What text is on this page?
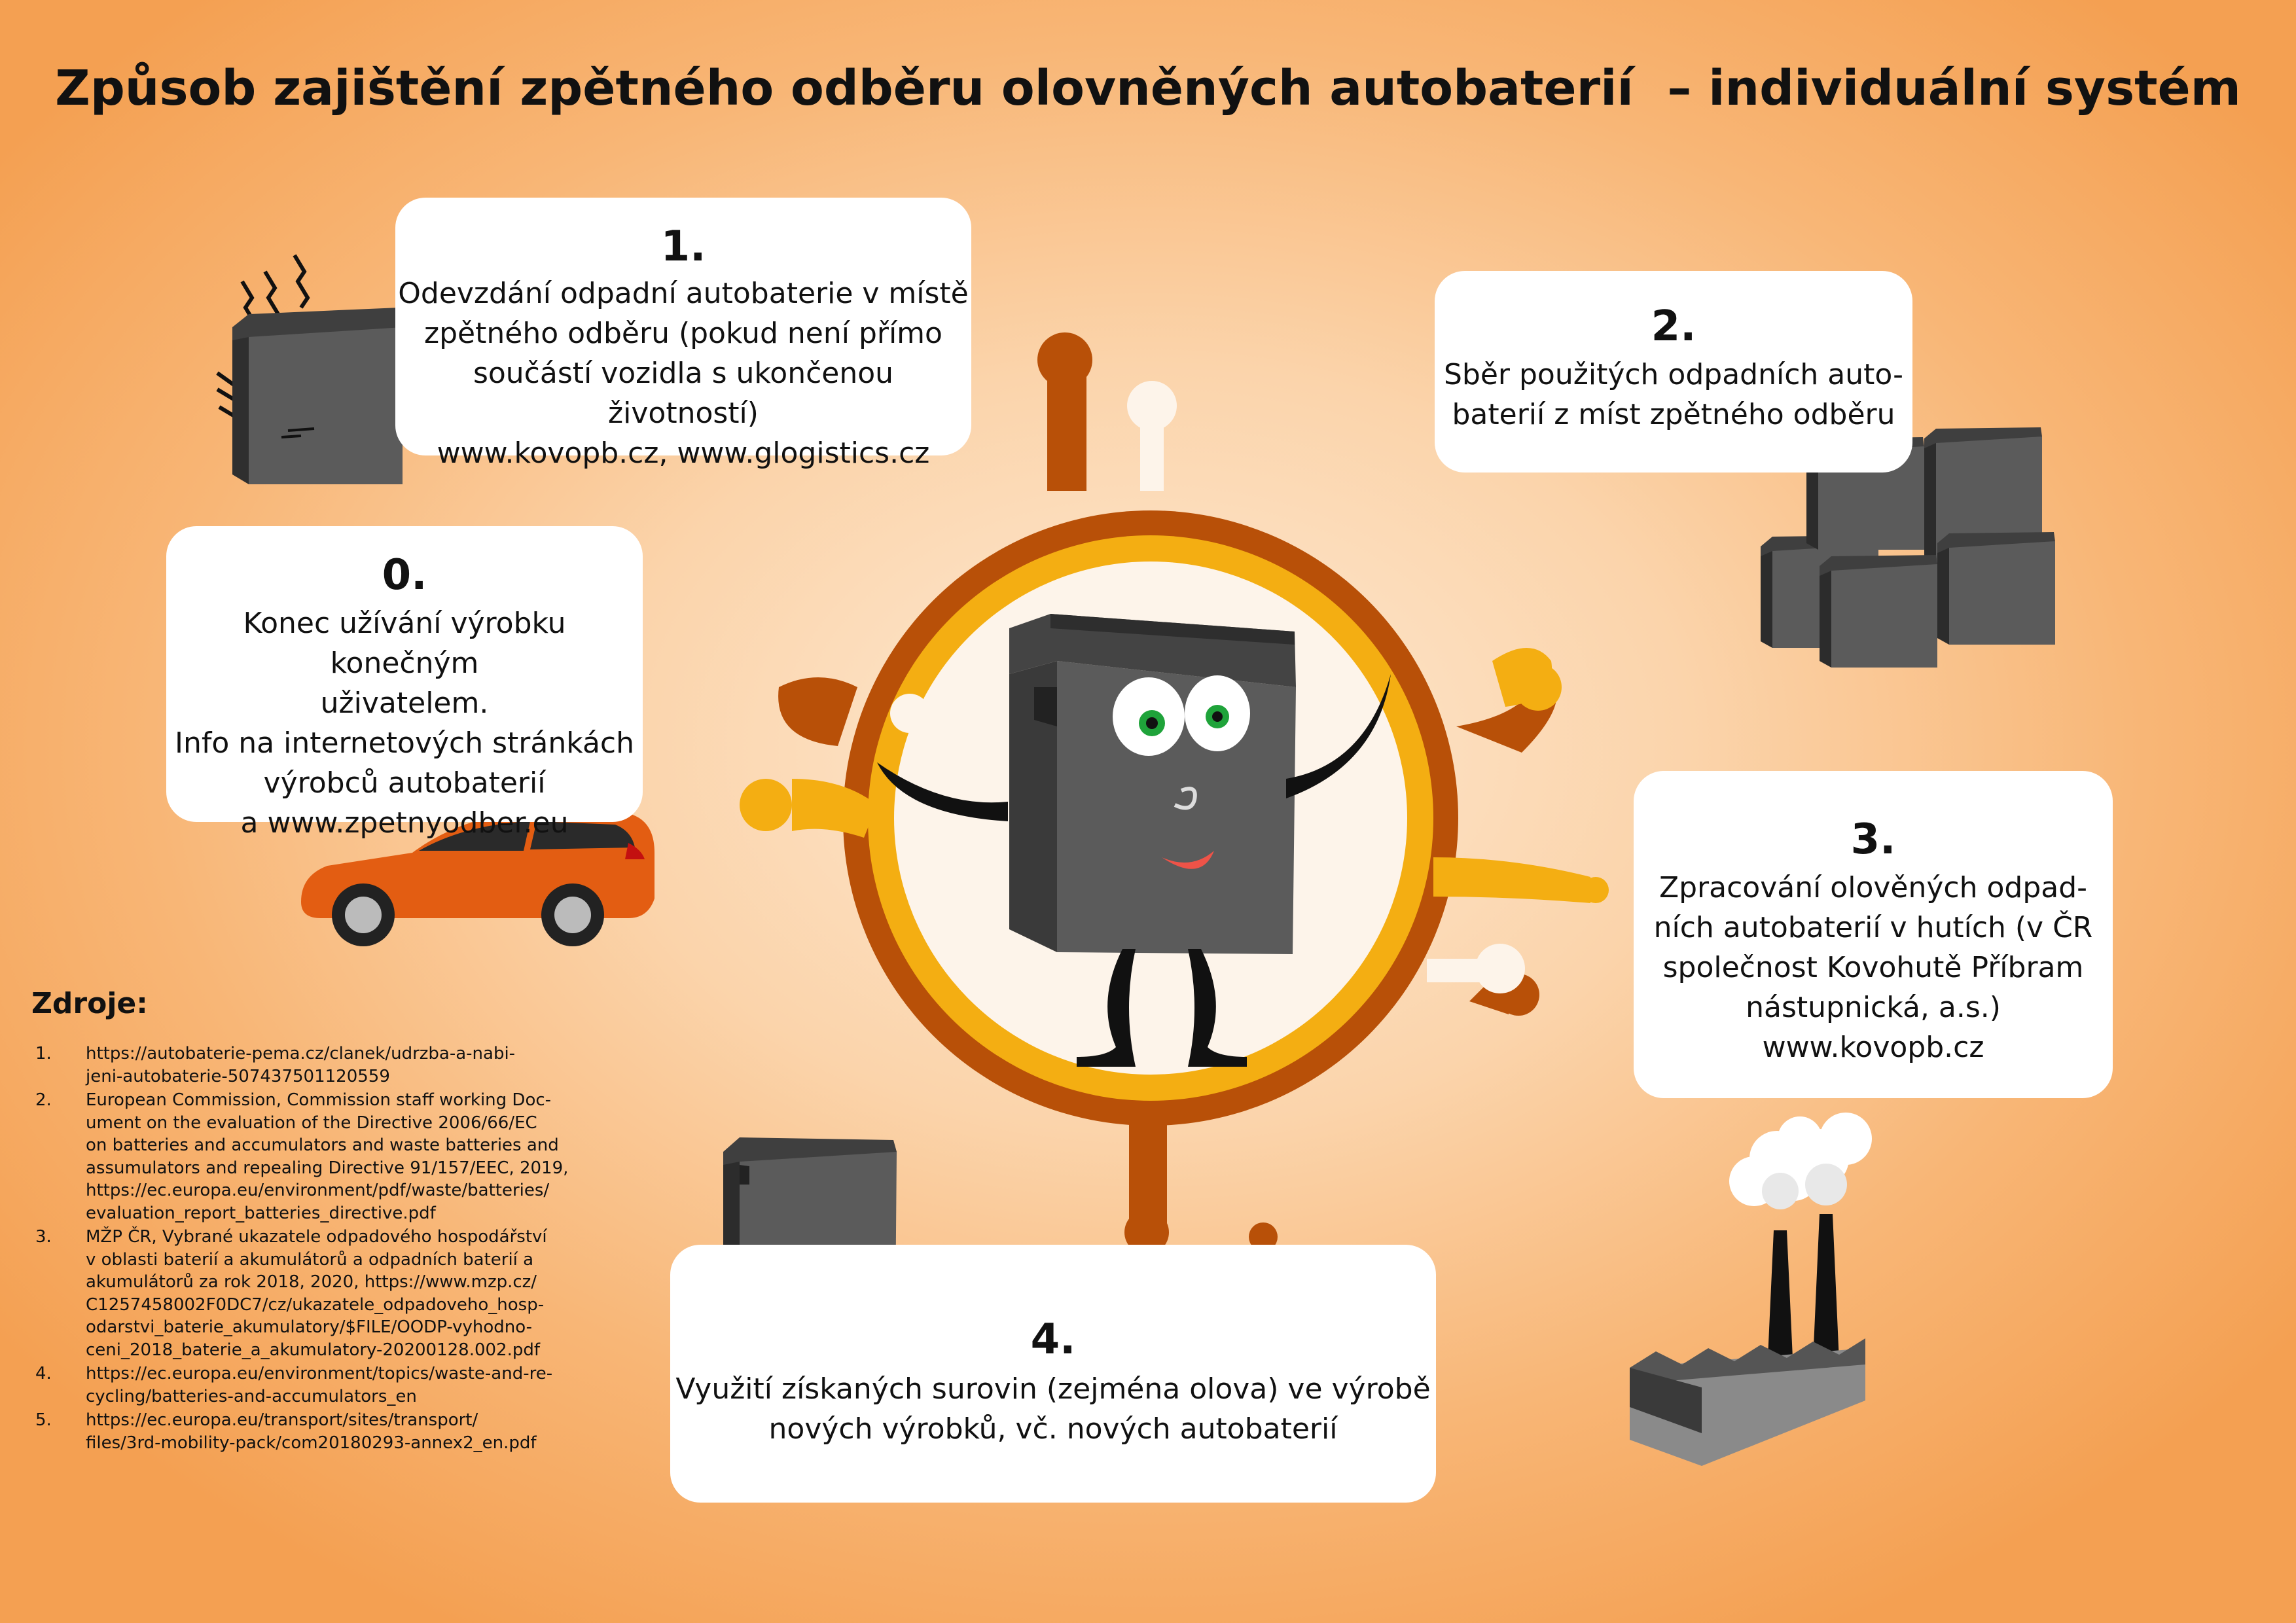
Způsob zajištění zpětného odběru olovněných autobaterií  – individuální systém
0.
Konec užívání výrobku konečným
uživatelem.
Info na internetových stránkách
výrobců autobaterií
a www.zpetnyodber.eu
1.
Odevzdání odpadní autobaterie v místě
zpětného odběru (pokud není přímo
součástí vozidla s ukončenou životností)
www.kovopb.cz, www.glogistics.cz
2.
Sběr použitých odpadních auto-
baterií z míst zpětného odběru
3.
Zpracování olověných odpad-
ních autobaterií v hutích (v ČR
společnost Kovohutě Příbram
nástupnická, a.s.)
www.kovopb.cz
4.
Využití získaných surovin (zejména olova) ve výrobě
nových výrobků, vč. nových autobaterií
Zdroje:
1. https://autobaterie-pema.cz/clanek/udrzba-a-nabi-
jeni-autobaterie-507437501120559
2. European Commission, Commission staff working Doc-
ument on the evaluation of the Directive 2006/66/EC
on batteries and accumulators and waste batteries and
assumulators and repealing Directive 91/157/EEC, 2019,
https://ec.europa.eu/environment/pdf/waste/batteries/
evaluation_report_batteries_directive.pdf
3. MŽP ČR, Vybrané ukazatele odpadového hospodářství
v oblasti baterií a akumulátorů a odpadních baterií a
akumulátorů za rok 2018, 2020, https://www.mzp.cz/
C1257458002F0DC7/cz/ukazatele_odpadoveho_hosp-
odarstvi_baterie_akumulatory/$FILE/OODP-vyhodno-
ceni_2018_baterie_a_akumulatory-20200128.002.pdf
4. https://ec.europa.eu/environment/topics/waste-and-re-
cycling/batteries-and-accumulators_en
5. https://ec.europa.eu/transport/sites/transport/
files/3rd-mobility-pack/com20180293-annex2_en.pdf
